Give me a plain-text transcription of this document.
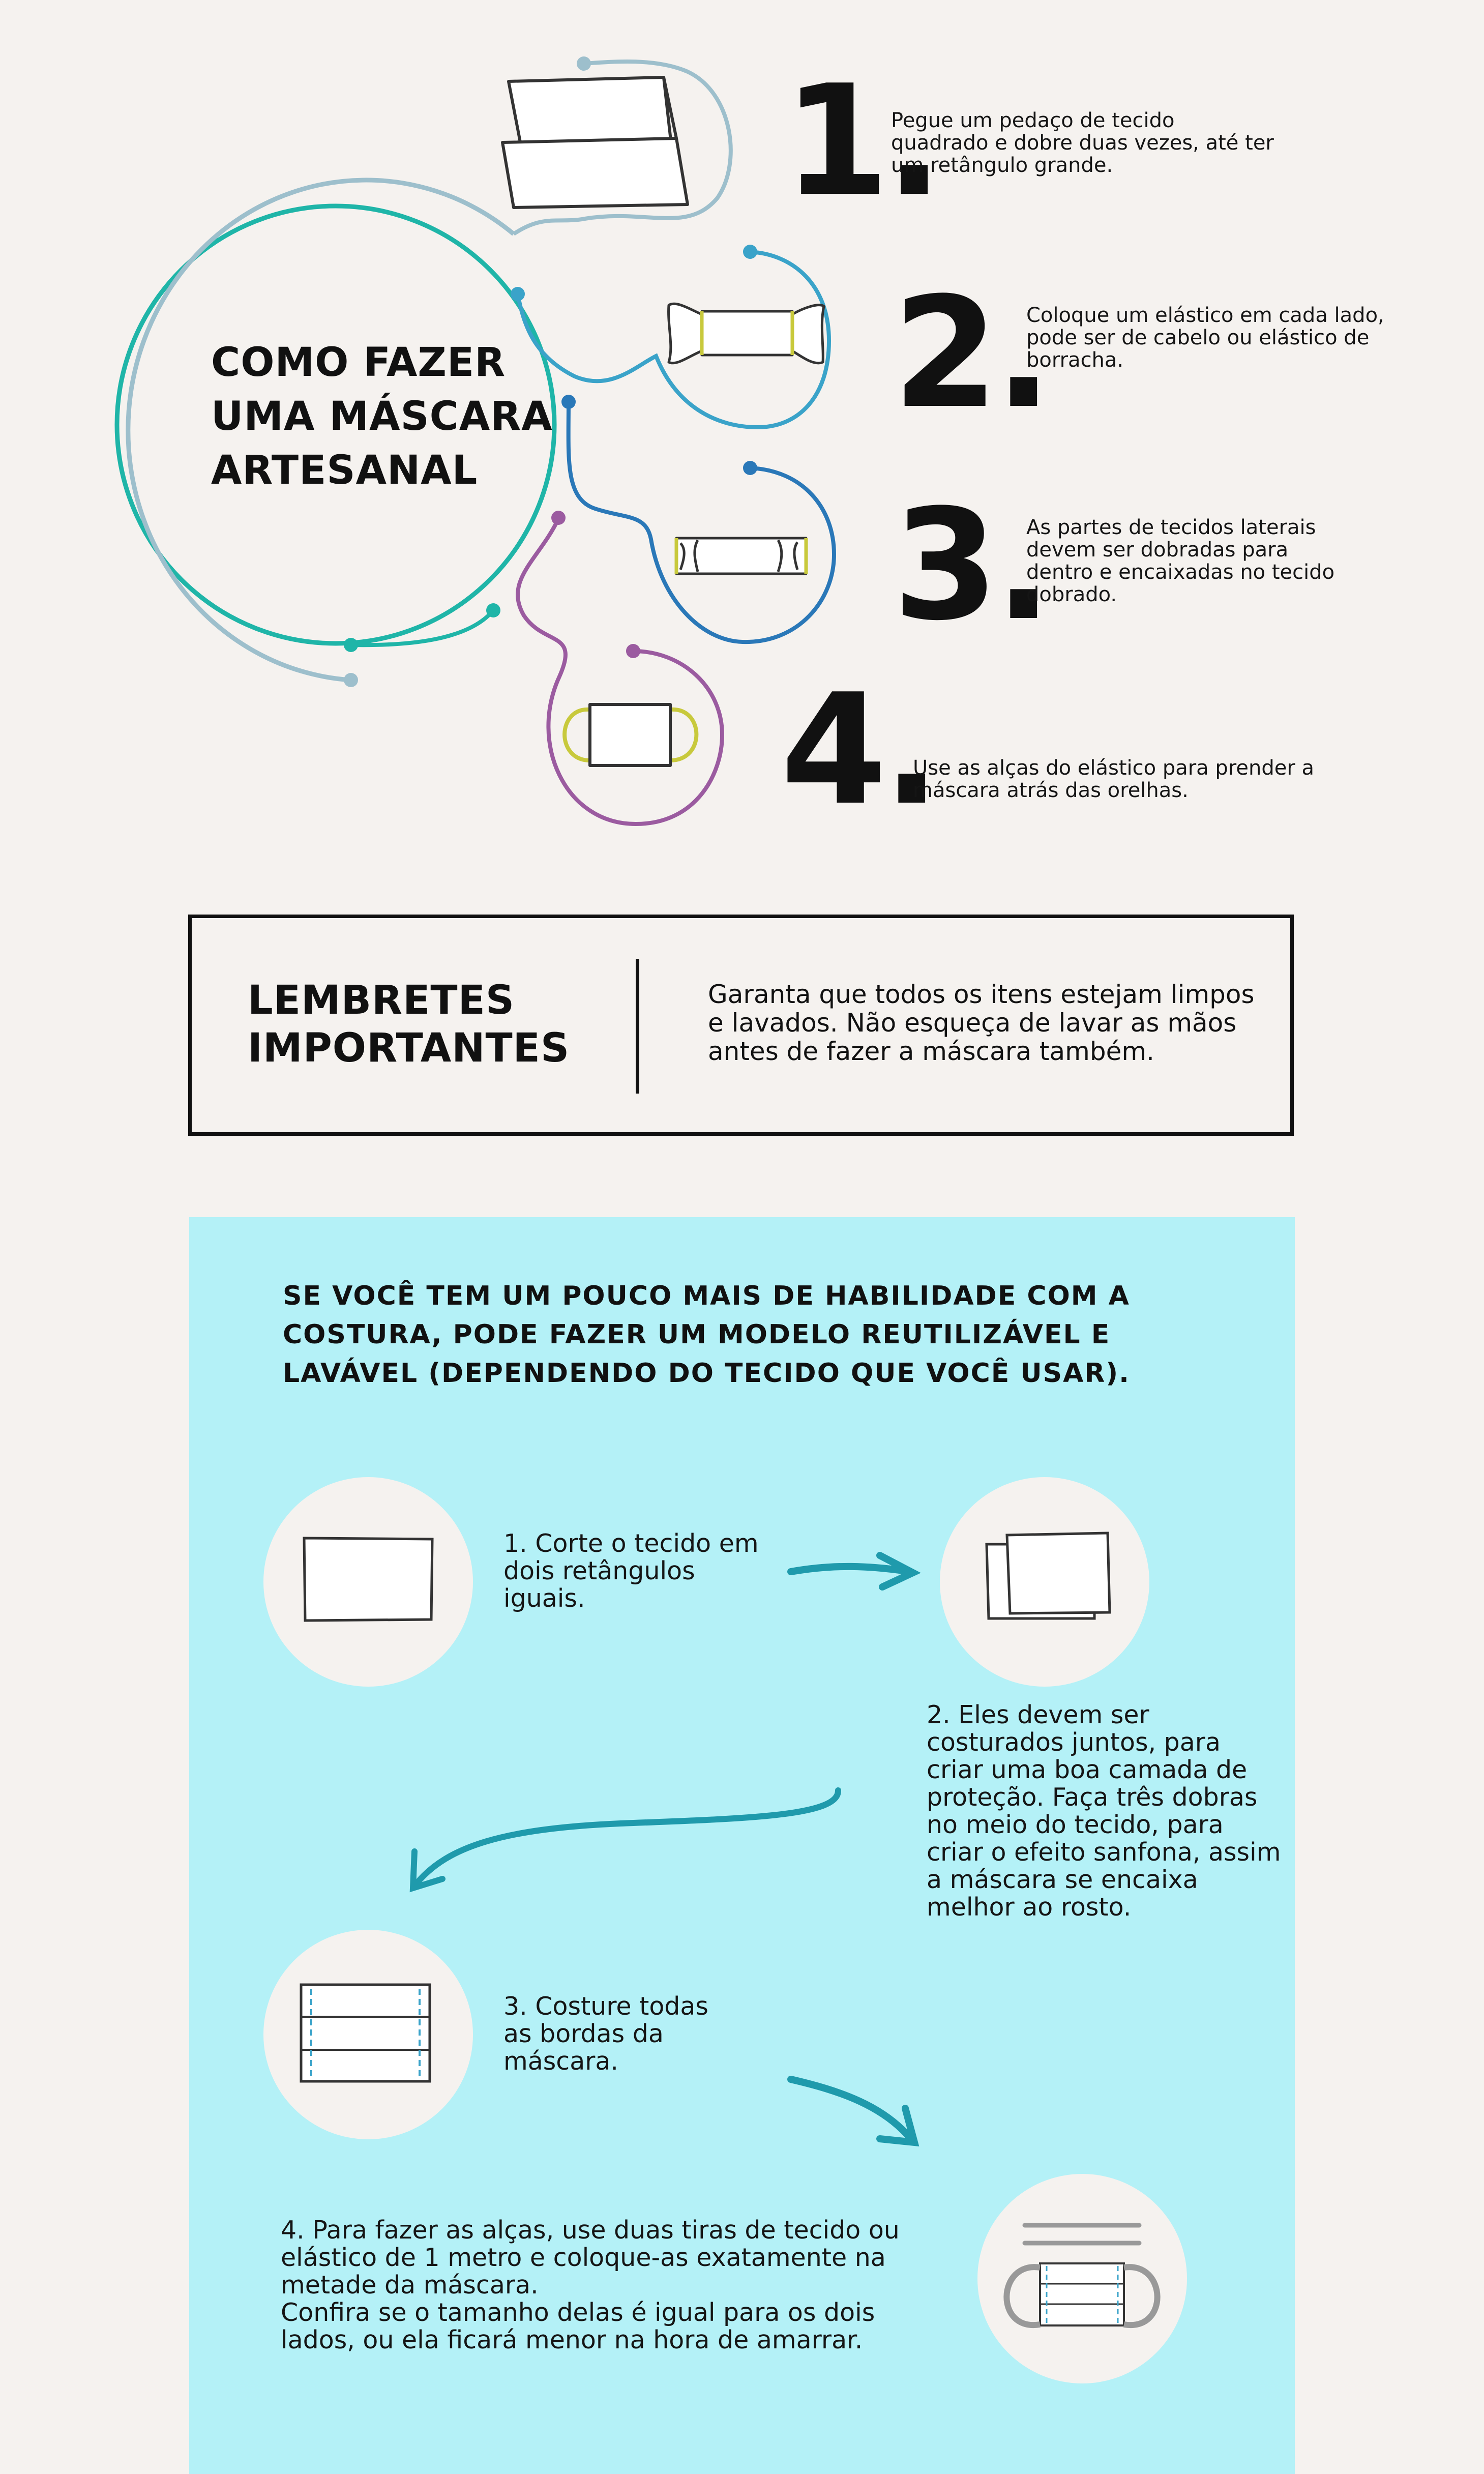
COMO FAZER UMA MÁSCARA ARTESANAL
1.
Pegue um pedaço de tecido quadrado e dobre duas vezes, até ter um retângulo grande.
2.
Coloque um elástico em cada lado, pode ser de cabelo ou elástico de borracha.
3.
As partes de tecidos laterais devem ser dobradas para dentro e encaixadas no tecido dobrado.
4.
Use as alças do elástico para prender a máscara atrás das orelhas.
LEMBRETES IMPORTANTES
Garanta que todos os itens estejam limpos e lavados. Não esqueça de lavar as mãos antes de fazer a máscara também.
SE VOCÊ TEM UM POUCO MAIS DE HABILIDADE COM A COSTURA, PODE FAZER UM MODELO REUTILIZÁVEL E LAVÁVEL (DEPENDENDO DO TECIDO QUE VOCÊ USAR).
1. Corte o tecido em dois retângulos iguais.
2. Eles devem ser costurados juntos, para criar uma boa camada de proteção. Faça três dobras no meio do tecido, para criar o efeito sanfona, assim a máscara se encaixa melhor ao rosto.
3. Costure todas as bordas da máscara.
4. Para fazer as alças, use duas tiras de tecido ou elástico de 1 metro e coloque-as exatamente na metade da máscara.
Confira se o tamanho delas é igual para os dois lados, ou ela ficará menor na hora de amarrar.
